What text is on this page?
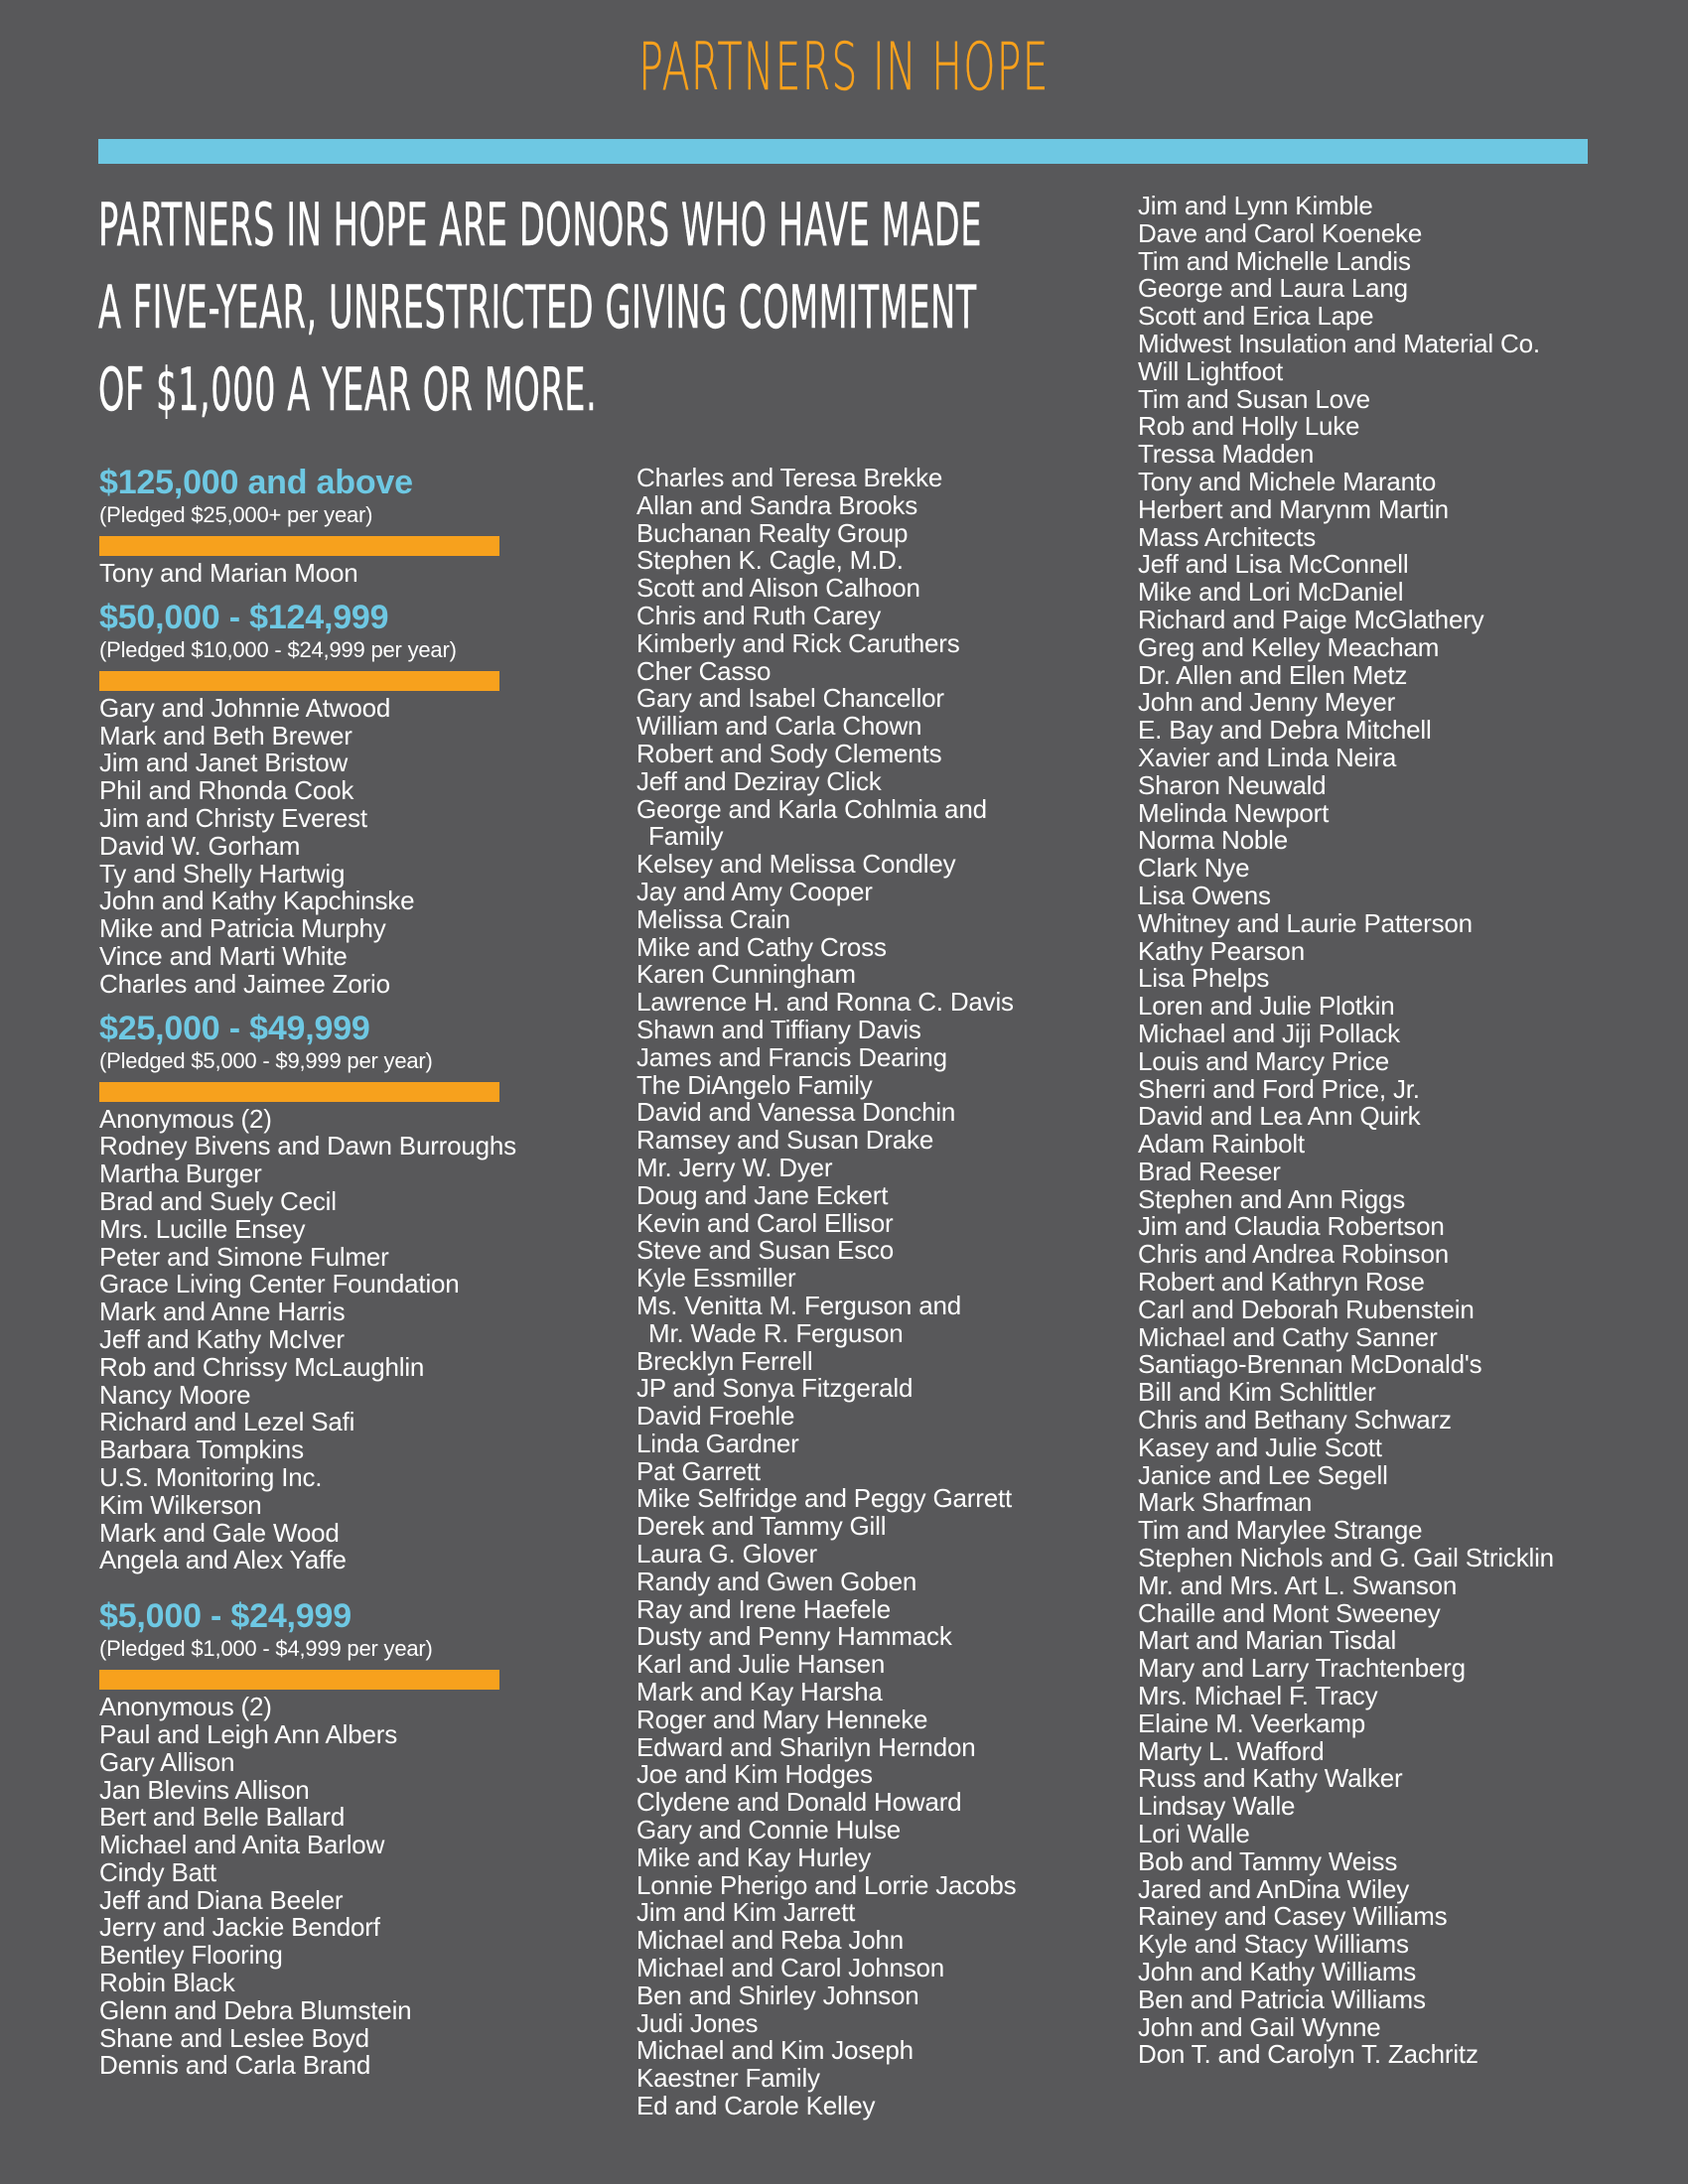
PARTNERS IN HOPE

PARTNERS IN HOPE ARE DONORS WHO HAVE MADE
A FIVE-YEAR, UNRESTRICTED GIVING COMMITMENT
OF $1,000 A YEAR OR MORE.

$125,000 and above
(Pledged $25,000+ per year)
Tony and Marian Moon
$50,000 - $124,999
(Pledged $10,000 - $24,999 per year)
Gary and Johnnie Atwood
Mark and Beth Brewer
Jim and Janet Bristow
Phil and Rhonda Cook
Jim and Christy Everest
David W. Gorham
Ty and Shelly Hartwig
John and Kathy Kapchinske
Mike and Patricia Murphy
Vince and Marti White
Charles and Jaimee Zorio
$25,000 - $49,999
(Pledged $5,000 - $9,999 per year)
Anonymous (2)
Rodney Bivens and Dawn Burroughs
Martha Burger
Brad and Suely Cecil
Mrs. Lucille Ensey
Peter and Simone Fulmer
Grace Living Center Foundation
Mark and Anne Harris
Jeff and Kathy McIver
Rob and Chrissy McLaughlin
Nancy Moore
Richard and Lezel Safi
Barbara Tompkins
U.S. Monitoring Inc.
Kim Wilkerson
Mark and Gale Wood
Angela and Alex Yaffe
$5,000 - $24,999
(Pledged $1,000 - $4,999 per year)
Anonymous (2)
Paul and Leigh Ann Albers
Gary Allison
Jan Blevins Allison
Bert and Belle Ballard
Michael and Anita Barlow
Cindy Batt
Jeff and Diana Beeler
Jerry and Jackie Bendorf
Bentley Flooring
Robin Black
Glenn and Debra Blumstein
Shane and Leslee Boyd
Dennis and Carla Brand
Charles and Teresa Brekke
Allan and Sandra Brooks
Buchanan Realty Group
Stephen K. Cagle, M.D.
Scott and Alison Calhoon
Chris and Ruth Carey
Kimberly and Rick Caruthers
Cher Casso
Gary and Isabel Chancellor
William and Carla Chown
Robert and Sody Clements
Jeff and Deziray Click
George and Karla Cohlmia and
Family
Kelsey and Melissa Condley
Jay and Amy Cooper
Melissa Crain
Mike and Cathy Cross
Karen Cunningham
Lawrence H. and Ronna C. Davis
Shawn and Tiffiany Davis
James and Francis Dearing
The DiAngelo Family
David and Vanessa Donchin
Ramsey and Susan Drake
Mr. Jerry W. Dyer
Doug and Jane Eckert
Kevin and Carol Ellisor
Steve and Susan Esco
Kyle Essmiller
Ms. Venitta M. Ferguson and
Mr. Wade R. Ferguson
Brecklyn Ferrell
JP and Sonya Fitzgerald
David Froehle
Linda Gardner
Pat Garrett
Mike Selfridge and Peggy Garrett
Derek and Tammy Gill
Laura G. Glover
Randy and Gwen Goben
Ray and Irene Haefele
Dusty and Penny Hammack
Karl and Julie Hansen
Mark and Kay Harsha
Roger and Mary Henneke
Edward and Sharilyn Herndon
Joe and Kim Hodges
Clydene and Donald Howard
Gary and Connie Hulse
Mike and Kay Hurley
Lonnie Pherigo and Lorrie Jacobs
Jim and Kim Jarrett
Michael and Reba John
Michael and Carol Johnson
Ben and Shirley Johnson
Judi Jones
Michael and Kim Joseph
Kaestner Family
Ed and Carole Kelley
Jim and Lynn Kimble
Dave and Carol Koeneke
Tim and Michelle Landis
George and Laura Lang
Scott and Erica Lape
Midwest Insulation and Material Co.
Will Lightfoot
Tim and Susan Love
Rob and Holly Luke
Tressa Madden
Tony and Michele Maranto
Herbert and Marynm Martin
Mass Architects
Jeff and Lisa McConnell
Mike and Lori McDaniel
Richard and Paige McGlathery
Greg and Kelley Meacham
Dr. Allen and Ellen Metz
John and Jenny Meyer
E. Bay and Debra Mitchell
Xavier and Linda Neira
Sharon Neuwald
Melinda Newport
Norma Noble
Clark Nye
Lisa Owens
Whitney and Laurie Patterson
Kathy Pearson
Lisa Phelps
Loren and Julie Plotkin
Michael and Jiji Pollack
Louis and Marcy Price
Sherri and Ford Price, Jr.
David and Lea Ann Quirk
Adam Rainbolt
Brad Reeser
Stephen and Ann Riggs
Jim and Claudia Robertson
Chris and Andrea Robinson
Robert and Kathryn Rose
Carl and Deborah Rubenstein
Michael and Cathy Sanner
Santiago-Brennan McDonald's
Bill and Kim Schlittler
Chris and Bethany Schwarz
Kasey and Julie Scott
Janice and Lee Segell
Mark Sharfman
Tim and Marylee Strange
Stephen Nichols and G. Gail Stricklin
Mr. and Mrs. Art L. Swanson
Chaille and Mont Sweeney
Mart and Marian Tisdal
Mary and Larry Trachtenberg
Mrs. Michael F. Tracy
Elaine M. Veerkamp
Marty L. Wafford
Russ and Kathy Walker
Lindsay Walle
Lori Walle
Bob and Tammy Weiss
Jared and AnDina Wiley
Rainey and Casey Williams
Kyle and Stacy Williams
John and Kathy Williams
Ben and Patricia Williams
John and Gail Wynne
Don T. and Carolyn T. Zachritz
